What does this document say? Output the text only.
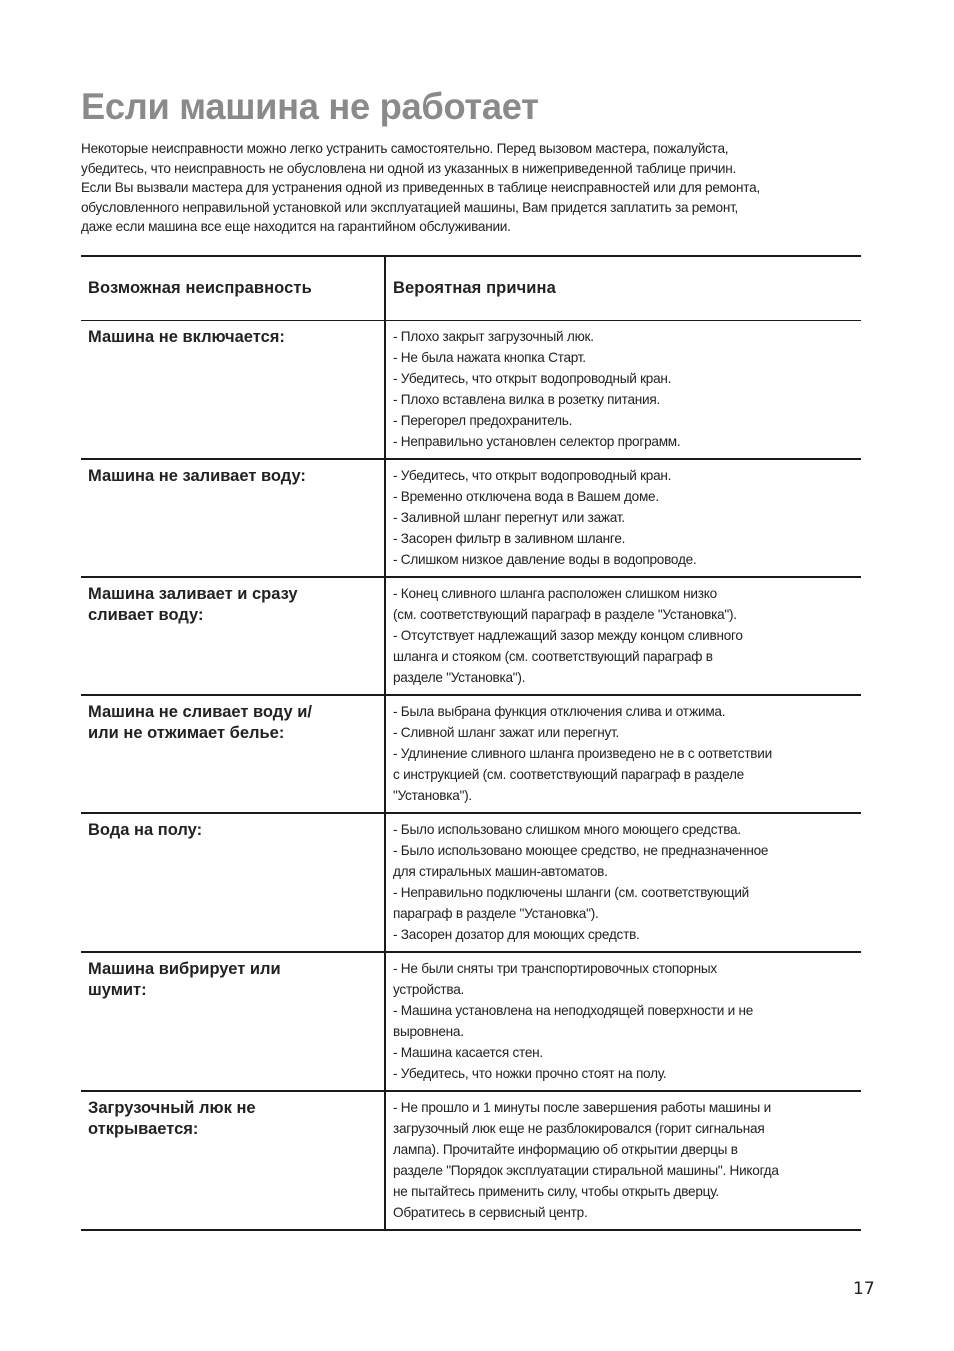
Если машина не работает

Некоторые неисправности можно легко устранить самостоятельно. Перед вызовом мастера, пожалуйста,
убедитесь, что неисправность не обусловлена ни одной из указанных в нижеприведенной таблице причин.
Если Вы вызвали мастера для устранения одной из приведенных в таблице неисправностей или для ремонта,
обусловленного неправильной установкой или эксплуатацией машины, Вам придется заплатить за ремонт,
даже если машина все еще находится на гарантийном обслуживании.

Возможная неисправность	Вероятная причина

Машина не включается:	- Плохо закрыт загрузочный люк.
- Не была нажата кнопка Старт.
- Убедитесь, что открыт водопроводный кран.
- Плохо вставлена вилка в розетку питания.
- Перегорел предохранитель.
- Неправильно установлен селектор программ.

Машина не заливает воду:	- Убедитесь, что открыт водопроводный кран.
- Временно отключена вода в Вашем доме.
- Заливной шланг перегнут или зажат.
- Засорен фильтр в заливном шланге.
- Слишком низкое давление воды в водопроводе.

Машина заливает и сразу
сливает воду:	- Конец сливного шланга расположен слишком низко
(см. соответствующий параграф в разделе "Установка").
- Отсутствует надлежащий зазор между концом сливного
шланга и стояком (см. соответствующий параграф в
разделе "Установка").

Машина не сливает воду и/
или не отжимает белье:	- Была выбрана функция отключения слива и отжима.
- Сливной шланг зажат или перегнут.
- Удлинение сливного шланга произведено не в с оответствии
с инструкцией (см. соответствующий параграф в разделе
"Установка").

Вода на полу:	- Было использовано слишком много моющего средства.
- Было использовано моющее средство, не предназначенное
для стиральных машин-автоматов.
- Неправильно подключены шланги (см. соответствующий
параграф в разделе "Установка").
- Засорен дозатор для моющих средств.

Машина вибрирует или
шумит:

- Не были сняты три транспортировочных стопорных
устройства.
- Машина установлена на неподходящей поверхности и не
выровнена.
- Машина касается стен.
- Убедитесь, что ножки прочно стоят на полу.

Загрузочный люк не
открывается:

- Не прошло и 1 минуты после завершения работы машины и
загрузочный люк еще не разблокировался (горит сигнальная
лампа). Прочитайте информацию об открытии дверцы в
разделе "Порядок эксплуатации стиральной машины". Никогда
не пытайтесь применить силу, чтобы открыть дверцу.
Обратитесь в сервисный центр.
17
